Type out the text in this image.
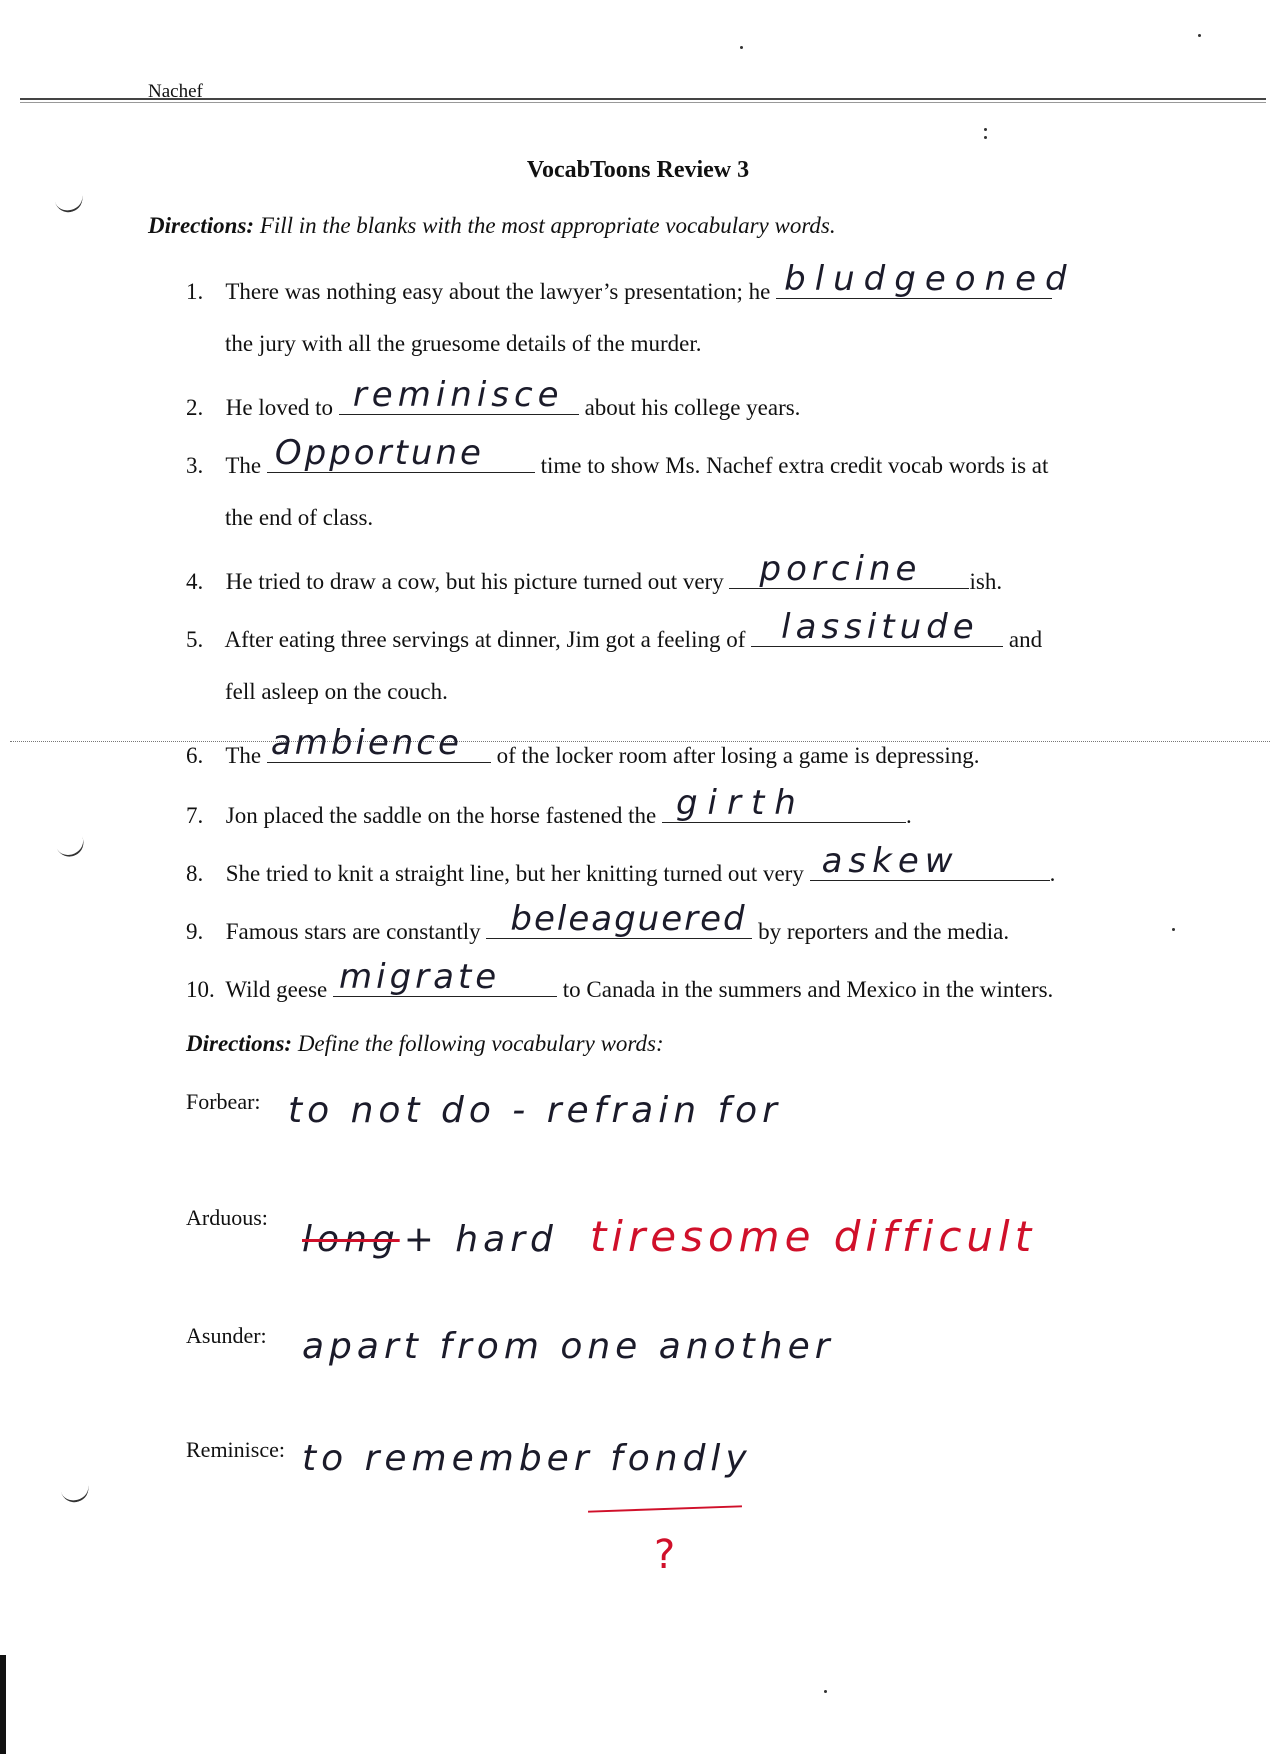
Nachef
VocabToons Review 3
Directions: Fill in the blanks with the most appropriate vocabulary words.
1. There was nothing easy about the lawyer’s presentation; he bludgeoned
the jury with all the gruesome details of the murder.
2. He loved to reminisce about his college years.
3. The Opportune time to show Ms. Nachef extra credit vocab words is at
the end of class.
4. He tried to draw a cow, but his picture turned out very porcine ish.
5. After eating three servings at dinner, Jim got a feeling of lassitude and
fell asleep on the couch.
6. The ambience of the locker room after losing a game is depressing.
7. Jon placed the saddle on the horse fastened the girth	.
8. She tried to knit a straight line, but her knitting turned out very askew	.
9. Famous stars are constantly beleaguered by reporters and the media.
10. Wild geese migrate	to Canada in the summers and Mexico in the winters.
Directions: Define the following vocabulary words:
Forbear: to not do - refrain for
Arduous:
long + hard tiresome difficult
Asunder: apart from one another
Reminisce: to remember fondly
?
